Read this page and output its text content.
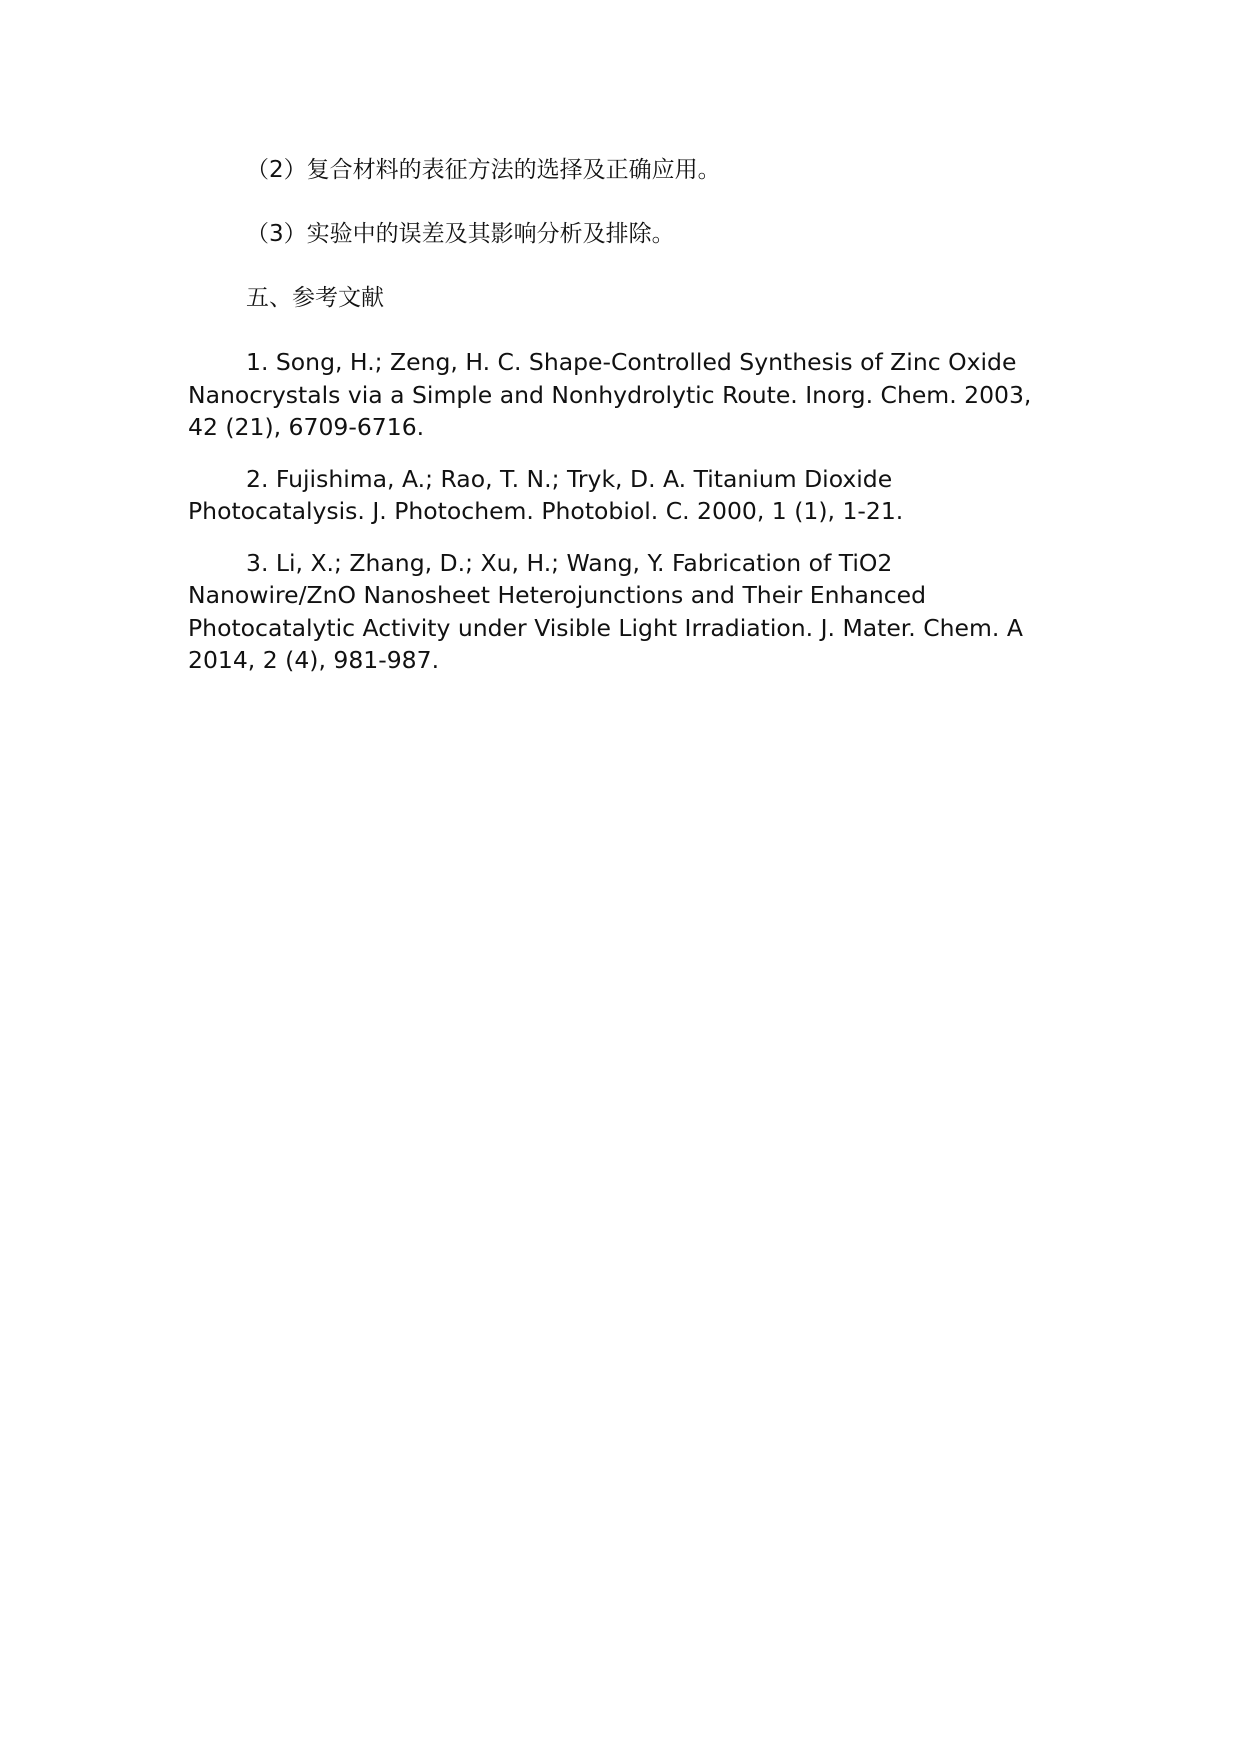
（2）复合材料的表征方法的选择及正确应用。

（3）实验中的误差及其影响分析及排除。

五、参考文献

1. Song, H.; Zeng, H. C. Shape-Controlled Synthesis of Zinc Oxide Nanocrystals via a Simple and Nonhydrolytic Route. Inorg. Chem. 2003, 42 (21), 6709-6716.

2. Fujishima, A.; Rao, T. N.; Tryk, D. A. Titanium Dioxide Photocatalysis. J. Photochem. Photobiol. C. 2000, 1 (1), 1-21.

3. Li, X.; Zhang, D.; Xu, H.; Wang, Y. Fabrication of TiO2 Nanowire/ZnO Nanosheet Heterojunctions and Their Enhanced Photocatalytic Activity under Visible Light Irradiation. J. Mater. Chem. A 2014, 2 (4), 981-987.
